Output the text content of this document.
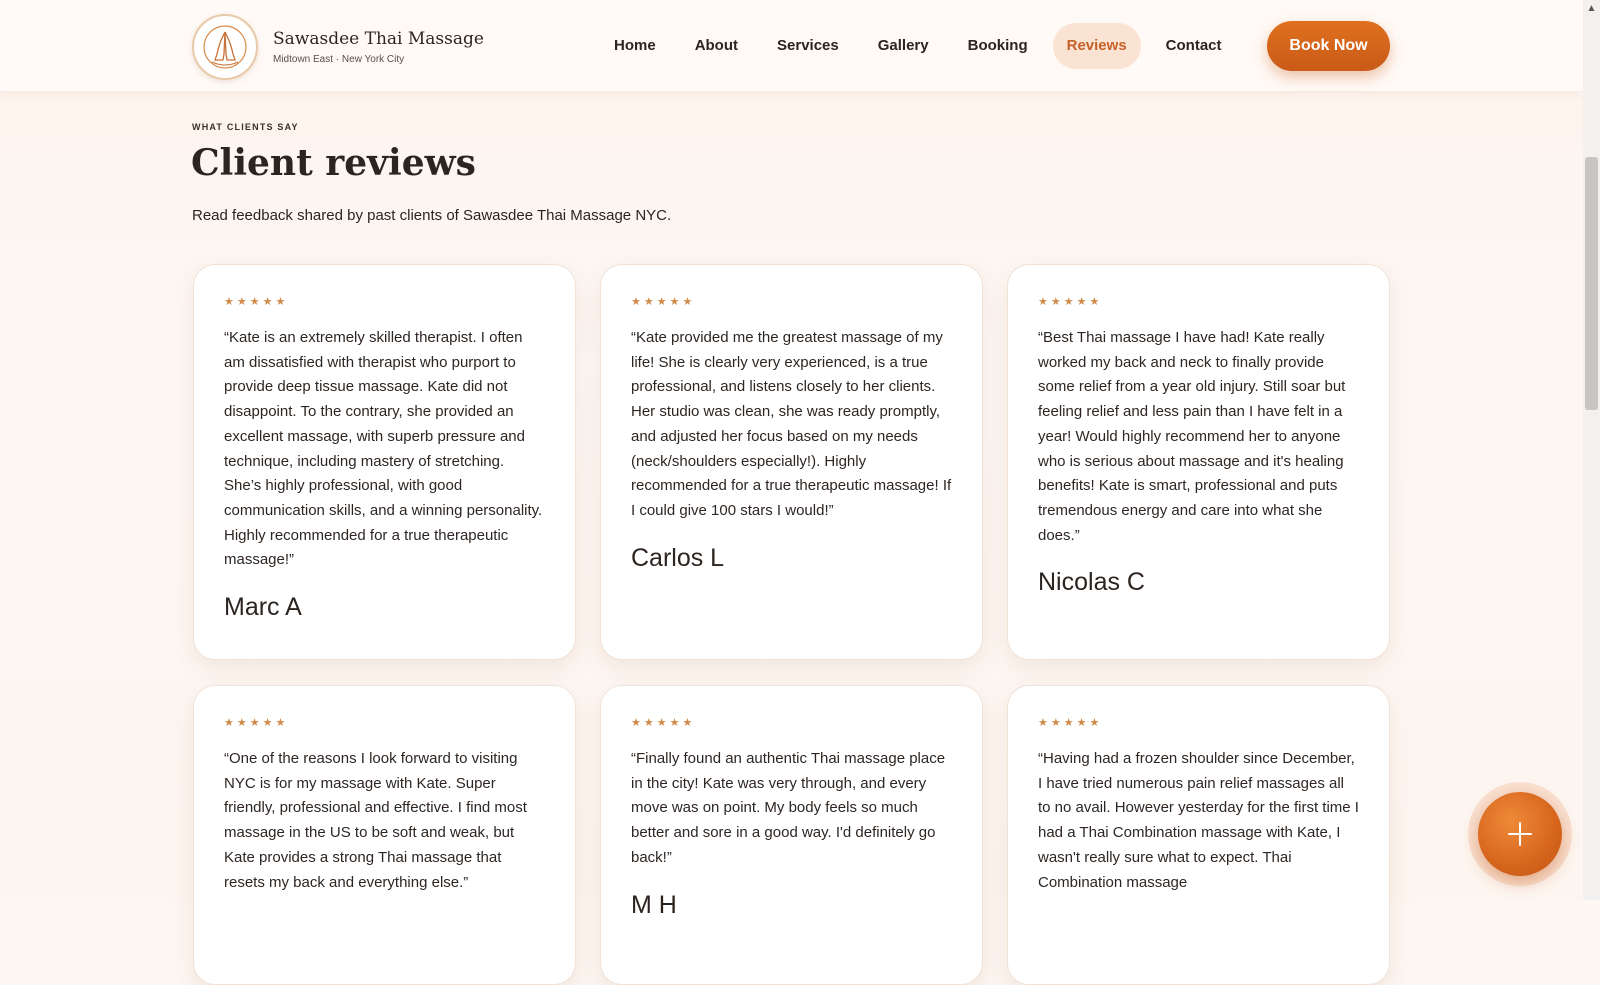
Sawasdee Thai Massage
Midtown East · New York City
Home	About	Services	Gallery	Booking	Reviews	Contact	Book Now
WHAT CLIENTS SAY
Client reviews

Read feedback shared by past clients of Sawasdee Thai Massage NYC.

★★★★★

“Kate is an extremely skilled therapist. I often am dissatisfied with therapist who purport to provide deep tissue massage. Kate did not disappoint. To the contrary, she provided an excellent massage, with superb pressure and technique, including mastery of stretching. She’s highly professional, with good communication skills, and a winning personality. Highly recommended for a true therapeutic massage!”

Marc A
★★★★★

“Kate provided me the greatest massage of my life! She is clearly very experienced, is a true professional, and listens closely to her clients. Her studio was clean, she was ready promptly, and adjusted her focus based on my needs (neck/shoulders especially!). Highly recommended for a true therapeutic massage! If I could give 100 stars I would!”

Carlos L
★★★★★

“Best Thai massage I have had! Kate really worked my back and neck to finally provide some relief from a year old injury. Still soar but feeling relief and less pain than I have felt in a year! Would highly recommend her to anyone who is serious about massage and it's healing benefits! Kate is smart, professional and puts tremendous energy and care into what she does.”

Nicolas C
★★★★★

“One of the reasons I look forward to visiting NYC is for my massage with Kate. Super friendly, professional and effective. I find most massage in the US to be soft and weak, but Kate provides a strong Thai massage that resets my back and everything else.”

★★★★★

“Finally found an authentic Thai massage place in the city! Kate was very through, and every move was on point. My body feels so much better and sore in a good way. I'd definitely go back!”

M H
★★★★★

“Having had a frozen shoulder since December, I have tried numerous pain relief massages all to no avail. However yesterday for the first time I had a Thai Combination massage with Kate, I wasn't really sure what to expect. Thai Combination massage

▲
